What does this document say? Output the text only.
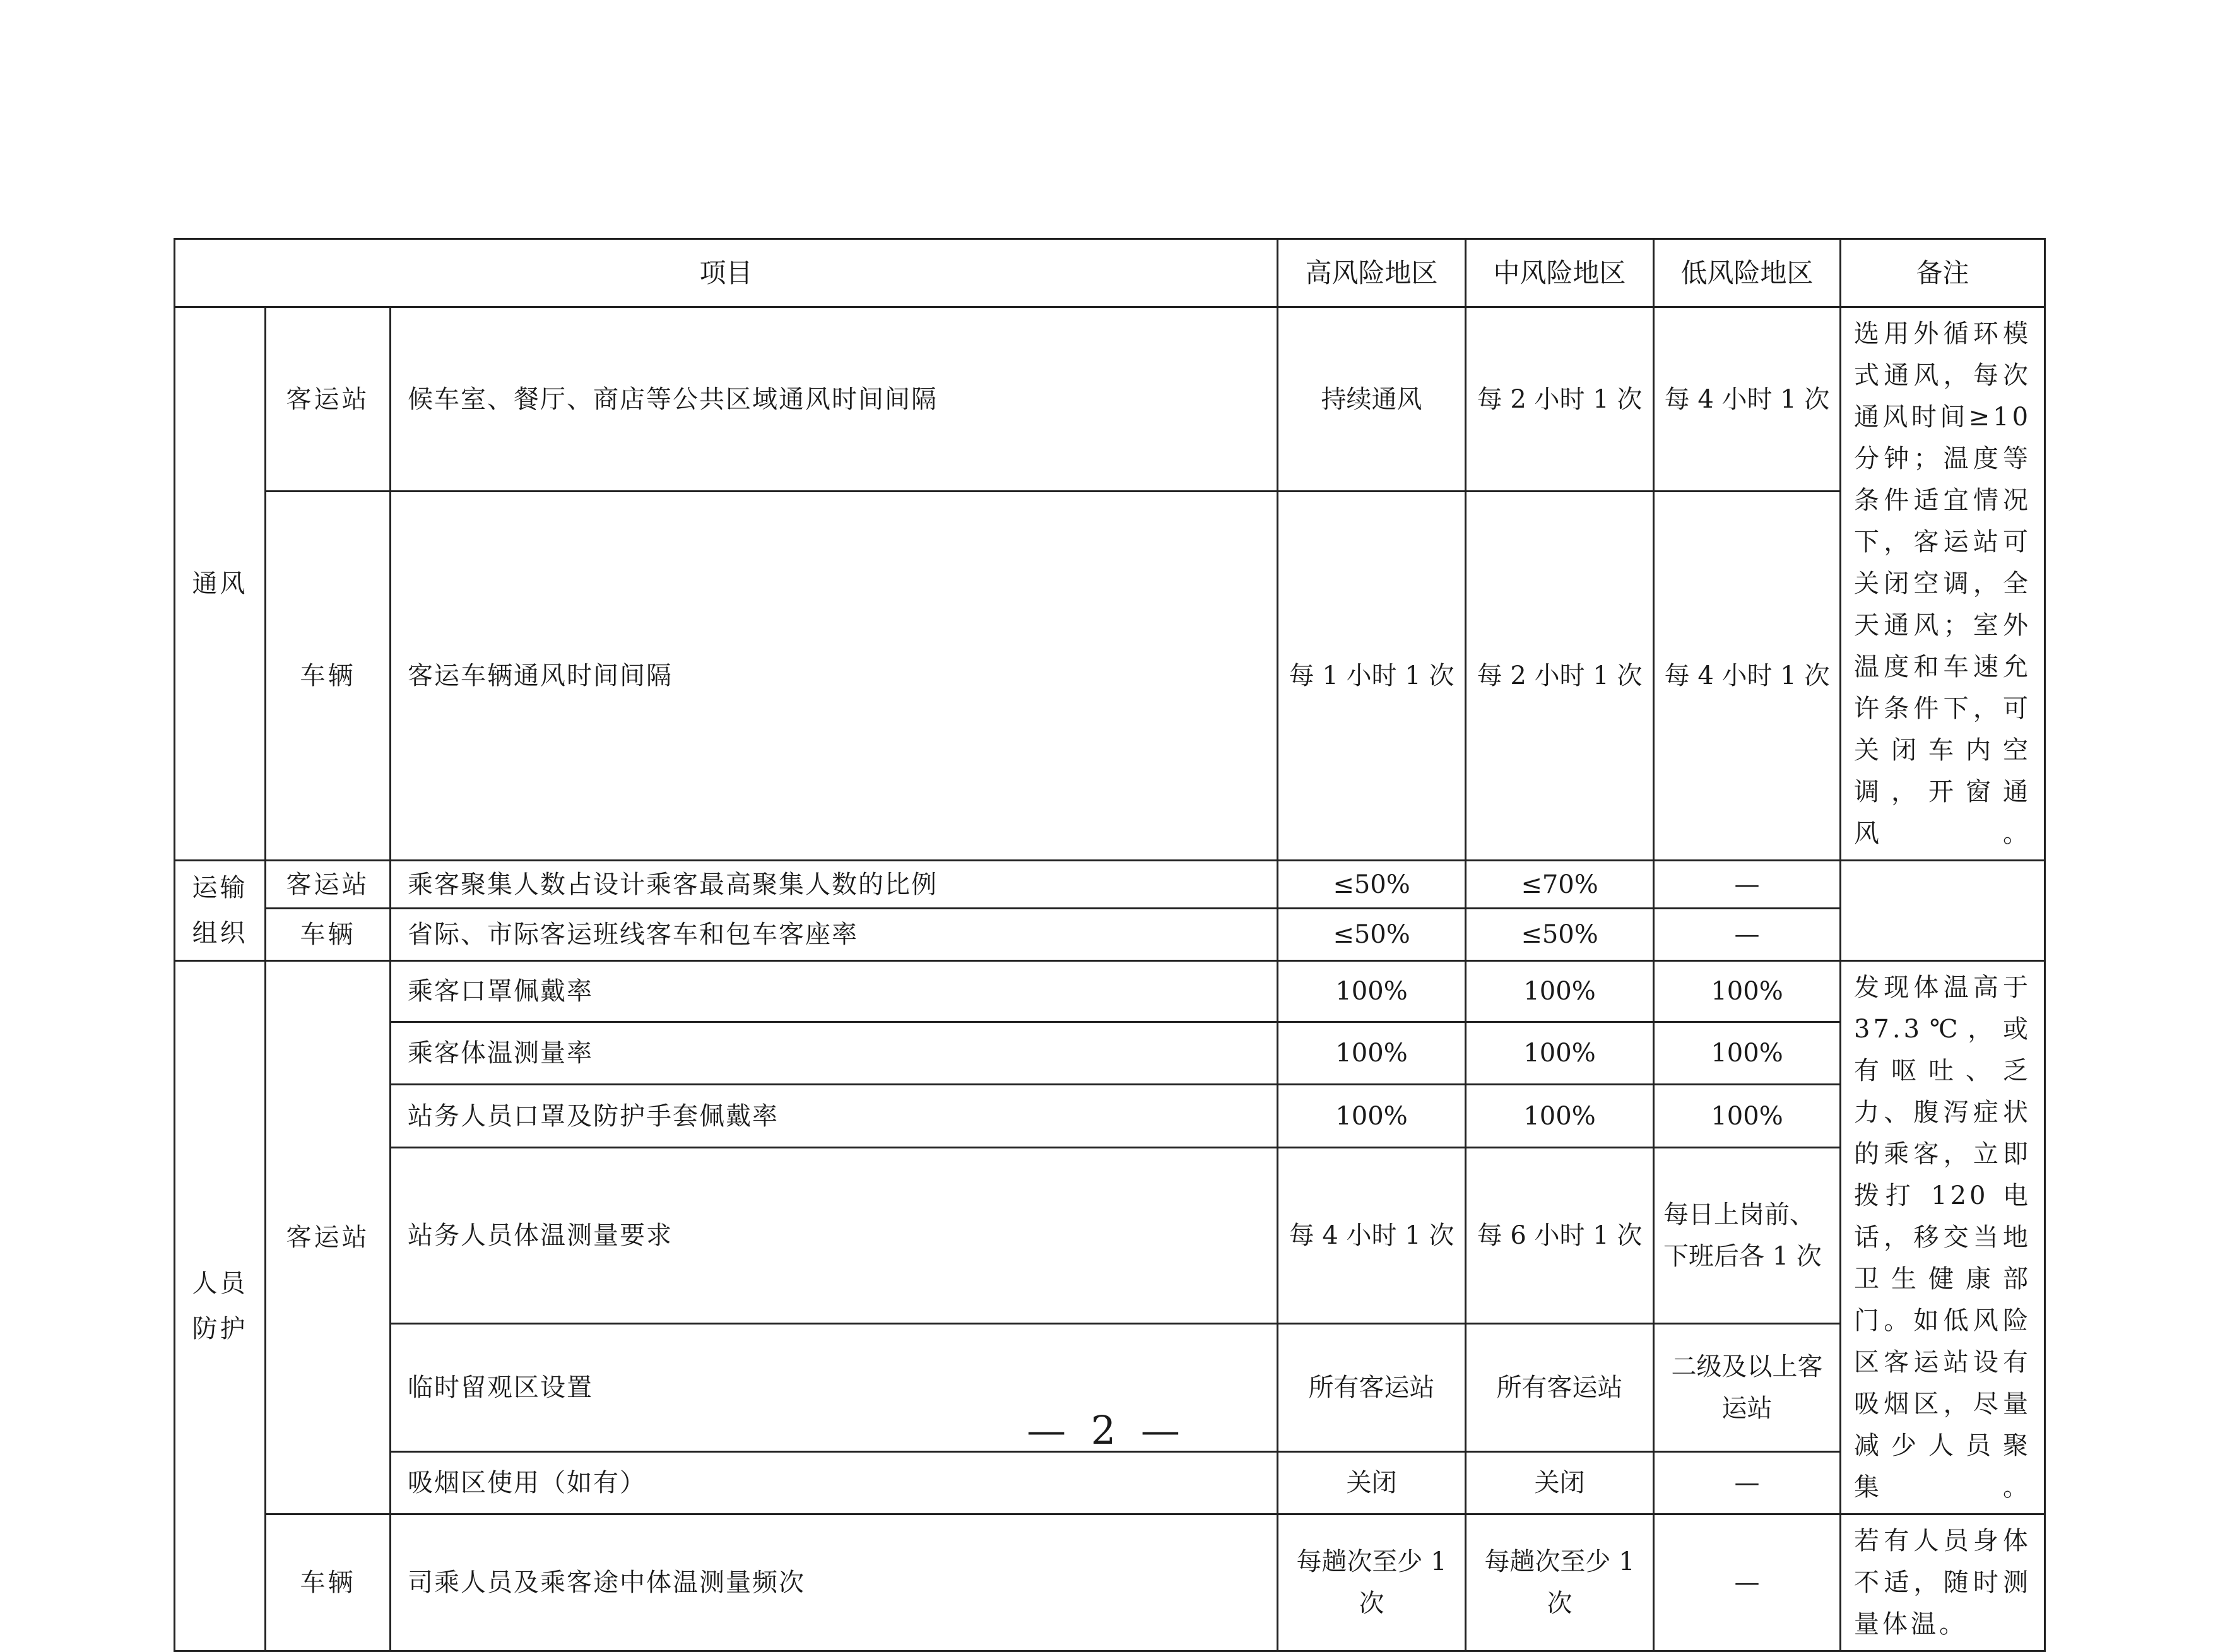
项目			高风险地区	中风险地区	低风险地区	备注
通风	客运站	候车室、餐厅、商店等公共区域通风时间间隔	持续通风	每 2 小时 1 次	每 4 小时 1 次	选用外循环模式通风，每次通风时间≥10 分钟；温度等条件适宜情况下，客运站可关闭空调，全天通风；室外温度和车速允许条件下，可关闭车内空调，开窗通风。
	车辆	客运车辆通风时间间隔	每 1 小时 1 次	每 2 小时 1 次	每 4 小时 1 次	
运输组织	客运站	乘客聚集人数占设计乘客最高聚集人数的比例	≤50%	≤70%	—	
	车辆	省际、市际客运班线客车和包车客座率	≤50%	≤50%	—	
人员防护	客运站	乘客口罩佩戴率	100%	100%	100%	发现体温高于37.3℃，或有呕吐、乏力、腹泻症状的乘客，立即拨打 120 电话，移交当地卫生健康部门。如低风险区客运站设有吸烟区，尽量减少人员聚集。
		乘客体温测量率	100%	100%	100%	
		站务人员口罩及防护手套佩戴率	100%	100%	100%	
		站务人员体温测量要求	每 4 小时 1 次	每 6 小时 1 次	每日上岗前、下班后各 1 次	
		临时留观区设置	所有客运站	所有客运站	二级及以上客运站	
		吸烟区使用（如有）	关闭	关闭	—	
	车辆	司乘人员及乘客途中体温测量频次	每趟次至少 1 次	每趟次至少 1 次	—	若有人员身体不适，随时测量体温。
— 2 —
